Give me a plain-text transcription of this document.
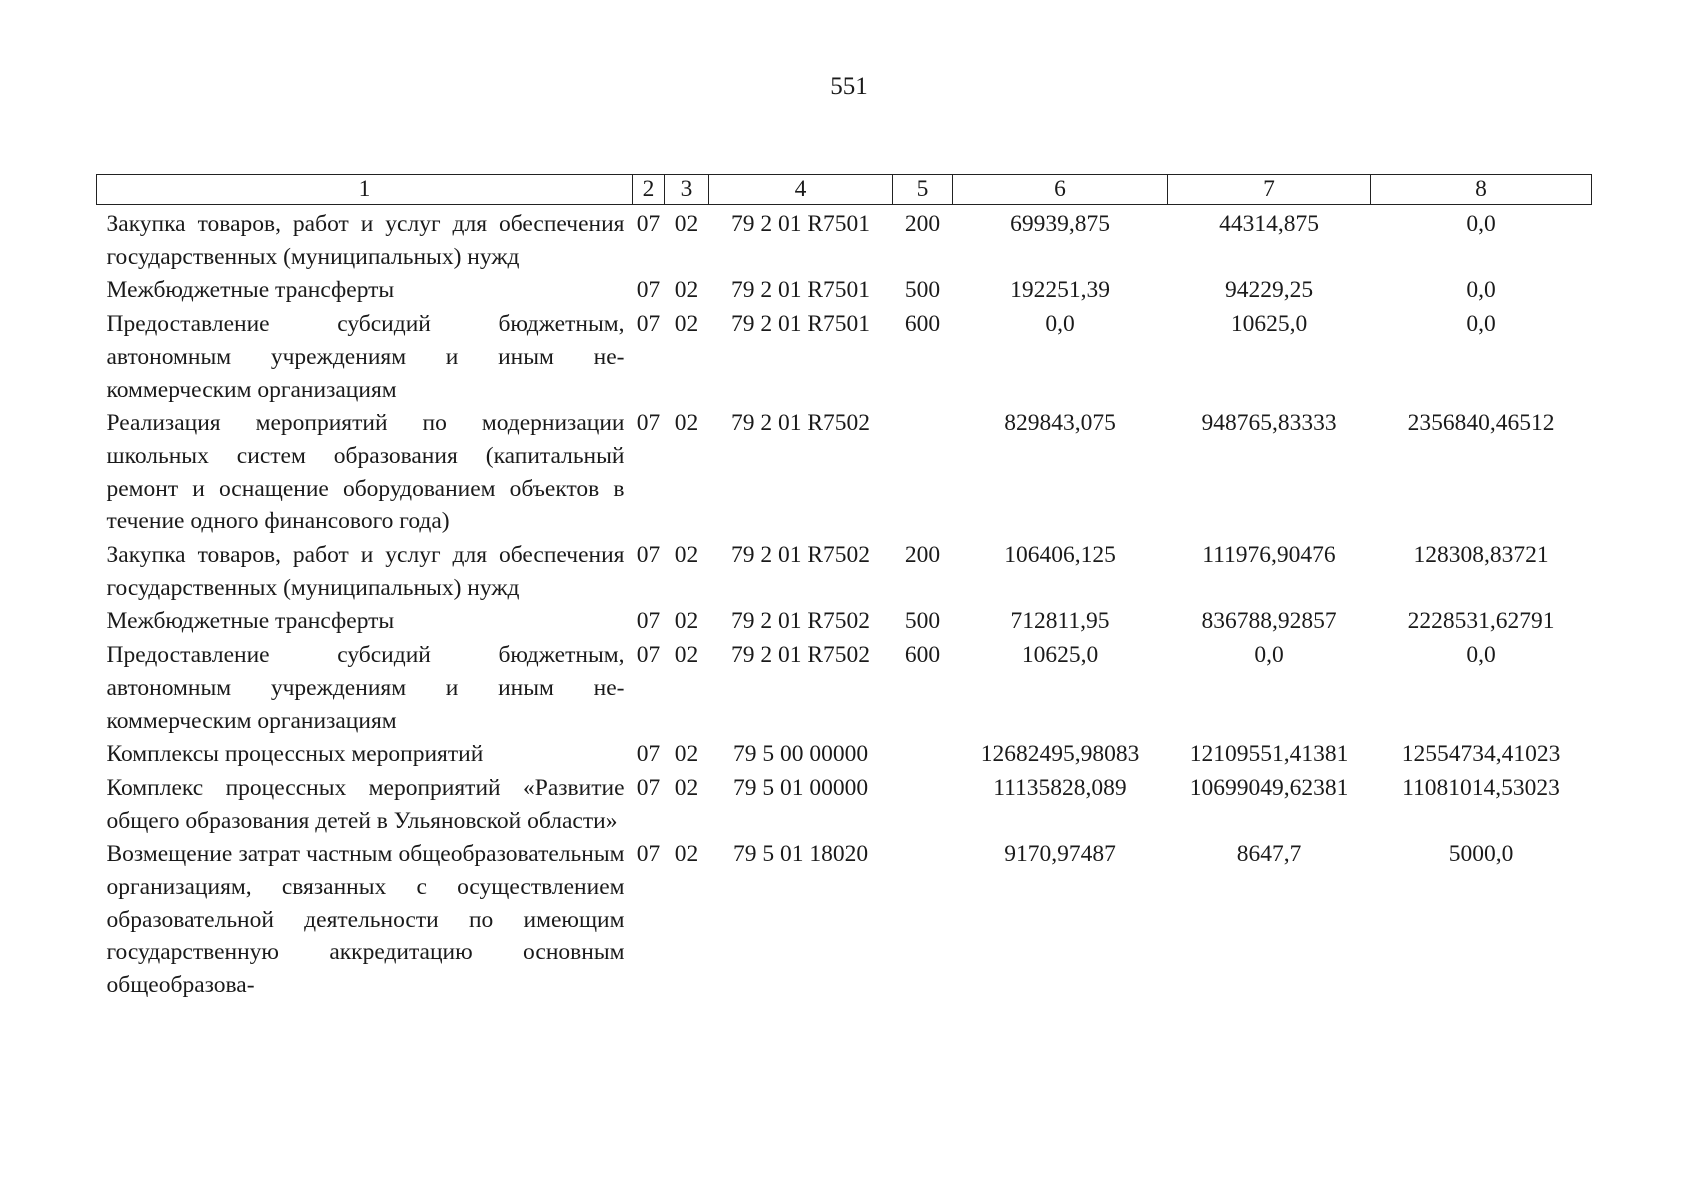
551
1	2	3	4	5	6	7	8
Закупка товаров, работ и услуг для обеспечения государственных (муниципальных) нужд	07	02	79 2 01 R7501	200	69939,875	44314,875	0,0
Межбюджетные трансферты	07	02	79 2 01 R7501	500	192251,39	94229,25	0,0
Предоставление субсидий бюджетным, автономным учреждениям и иным некоммерческим организациям	07	02	79 2 01 R7501	600	0,0	10625,0	0,0
Реализация мероприятий по модернизации школьных систем образования (капитальный ремонт и оснащение оборудованием объектов в течение одного финансового года)	07	02	79 2 01 R7502		829843,075	948765,83333	2356840,46512
Закупка товаров, работ и услуг для обеспечения государственных (муниципальных) нужд	07	02	79 2 01 R7502	200	106406,125	111976,90476	128308,83721
Межбюджетные трансферты	07	02	79 2 01 R7502	500	712811,95	836788,92857	2228531,62791
Предоставление субсидий бюджетным, автономным учреждениям и иным некоммерческим организациям	07	02	79 2 01 R7502	600	10625,0	0,0	0,0
Комплексы процессных мероприятий	07	02	79 5 00 00000		12682495,98083	12109551,41381	12554734,41023
Комплекс процессных мероприятий «Развитие общего образования детей в Ульяновской области»	07	02	79 5 01 00000		11135828,089	10699049,62381	11081014,53023
Возмещение затрат частным общеобразовательным организациям, связанных с осуществлением образовательной деятельности по имеющим государственную аккредитацию основным общеобразова-	07	02	79 5 01 18020		9170,97487	8647,7	5000,0
